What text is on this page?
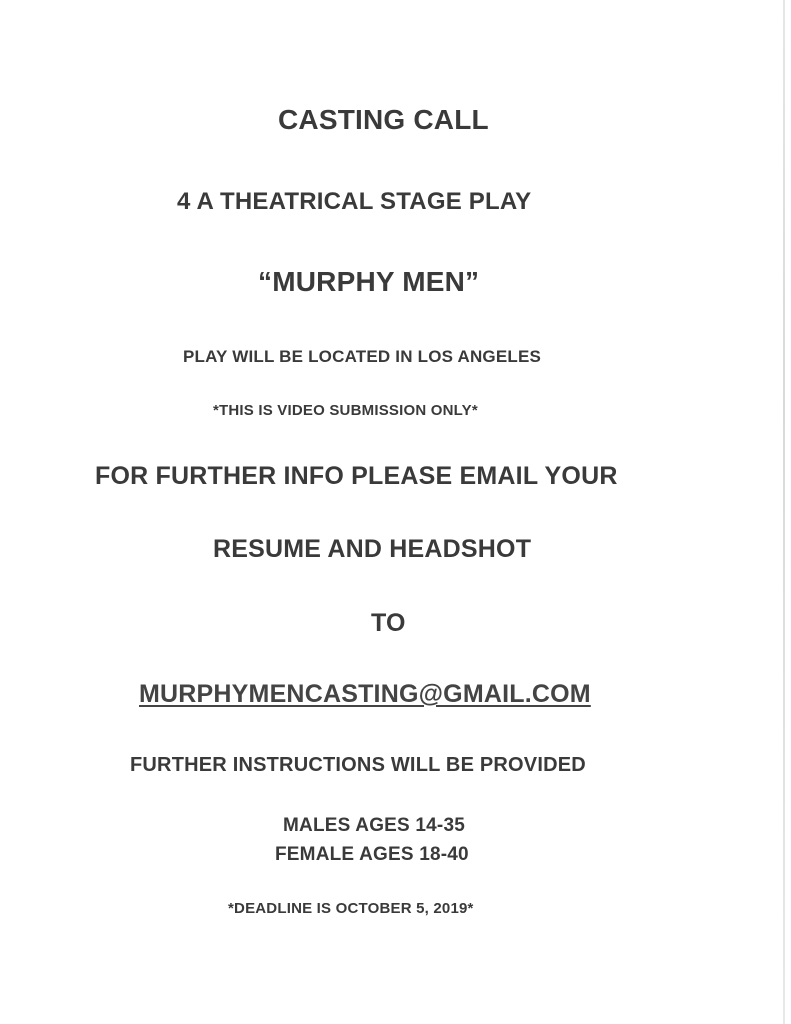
CASTING CALL
4 A THEATRICAL STAGE PLAY
“MURPHY MEN”
PLAY WILL BE LOCATED IN LOS ANGELES
*THIS IS VIDEO SUBMISSION ONLY*
FOR FURTHER INFO PLEASE EMAIL YOUR
RESUME AND HEADSHOT
TO
MURPHYMENCASTING@GMAIL.COM
FURTHER INSTRUCTIONS WILL BE PROVIDED
MALES AGES 14-35
FEMALE AGES 18-40
*DEADLINE IS OCTOBER 5, 2019*
